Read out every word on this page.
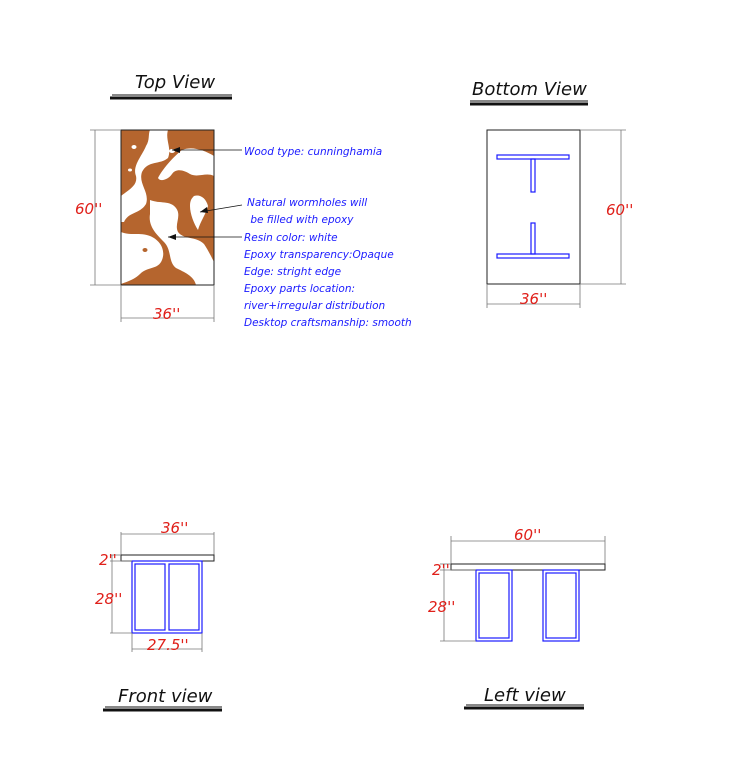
Top View
60''
36''
Wood type: cunninghamia
Natural wormholes will
be filled with epoxy
Resin color: white
Epoxy transparency:Opaque
Edge: stright edge
Epoxy parts location:
river+irregular distribution
Desktop craftsmanship: smooth
Bottom View
60''
36''
36''
2''
28''
27.5''
Front view
60''
2''
28''
Left view
